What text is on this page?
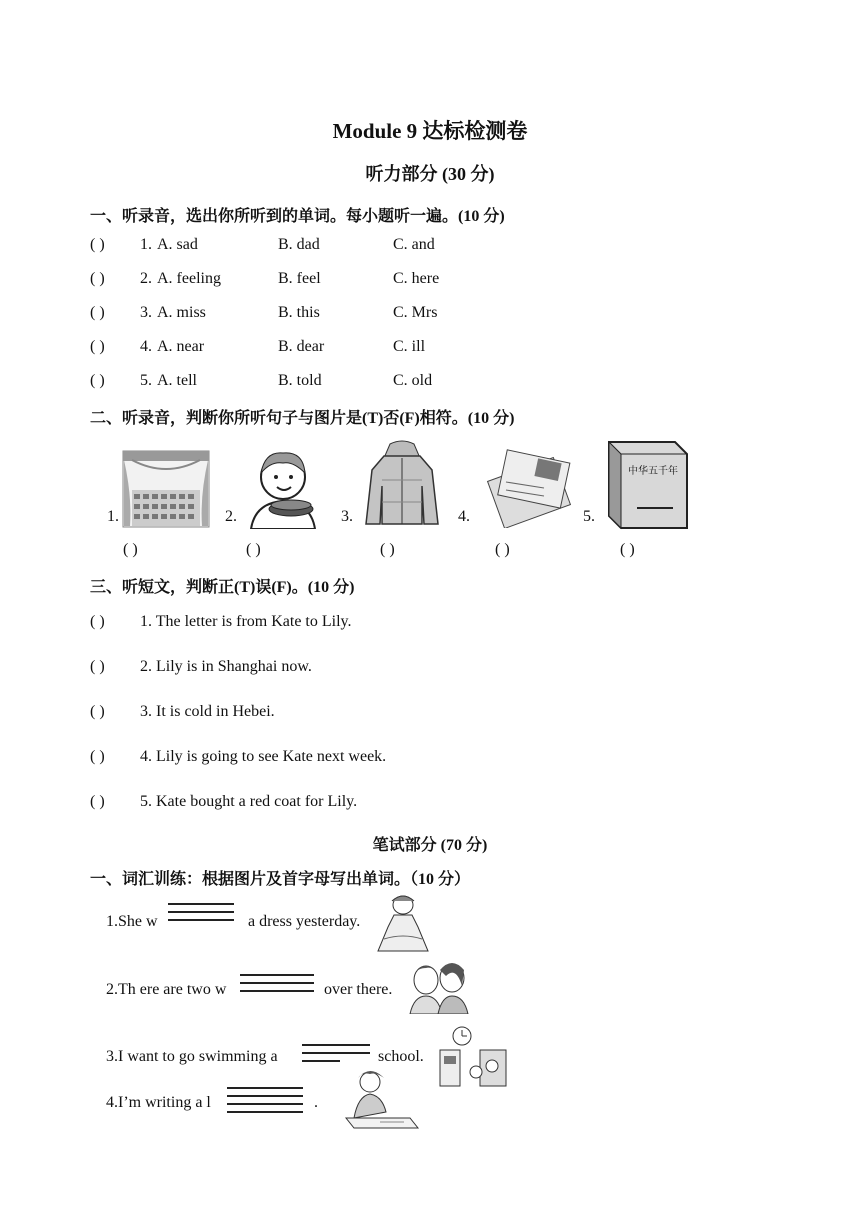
Module 9 达标检测卷
听力部分 (30 分)
一、听录音，选出你所听到的单词。每小题听一遍。(10 分)
( ) 1. A. sad	B. dad	C. and
( ) 2. A. feeling	B. feel	C. here
( ) 3. A. miss	B. this	C. Mrs
( ) 4. A. near	B. dear	C. ill
( ) 5. A. tell	B. told	C. old
二、听录音，判断你所听句子与图片是(T)否(F)相符。(10 分)
1.	2.	3.	4.	5.
中华五千年
( )	( )	( )	( )	( )
三、听短文，判断正(T)误(F)。(10 分)
( ) 1. The letter is from Kate to Lily.
( ) 2. Lily is in Shanghai now.
( ) 3. It is cold in Hebei.
( ) 4. Lily is going to see Kate next week.
( ) 5. Kate bought a red coat for Lily.
笔试部分 (70 分)
一、词汇训练：根据图片及首字母写出单词。（10 分）
1.She w	a dress yesterday.
2.Th ere are two w	over there.
3.I want to go swimming a	school.
4.I’m writing a l	.
